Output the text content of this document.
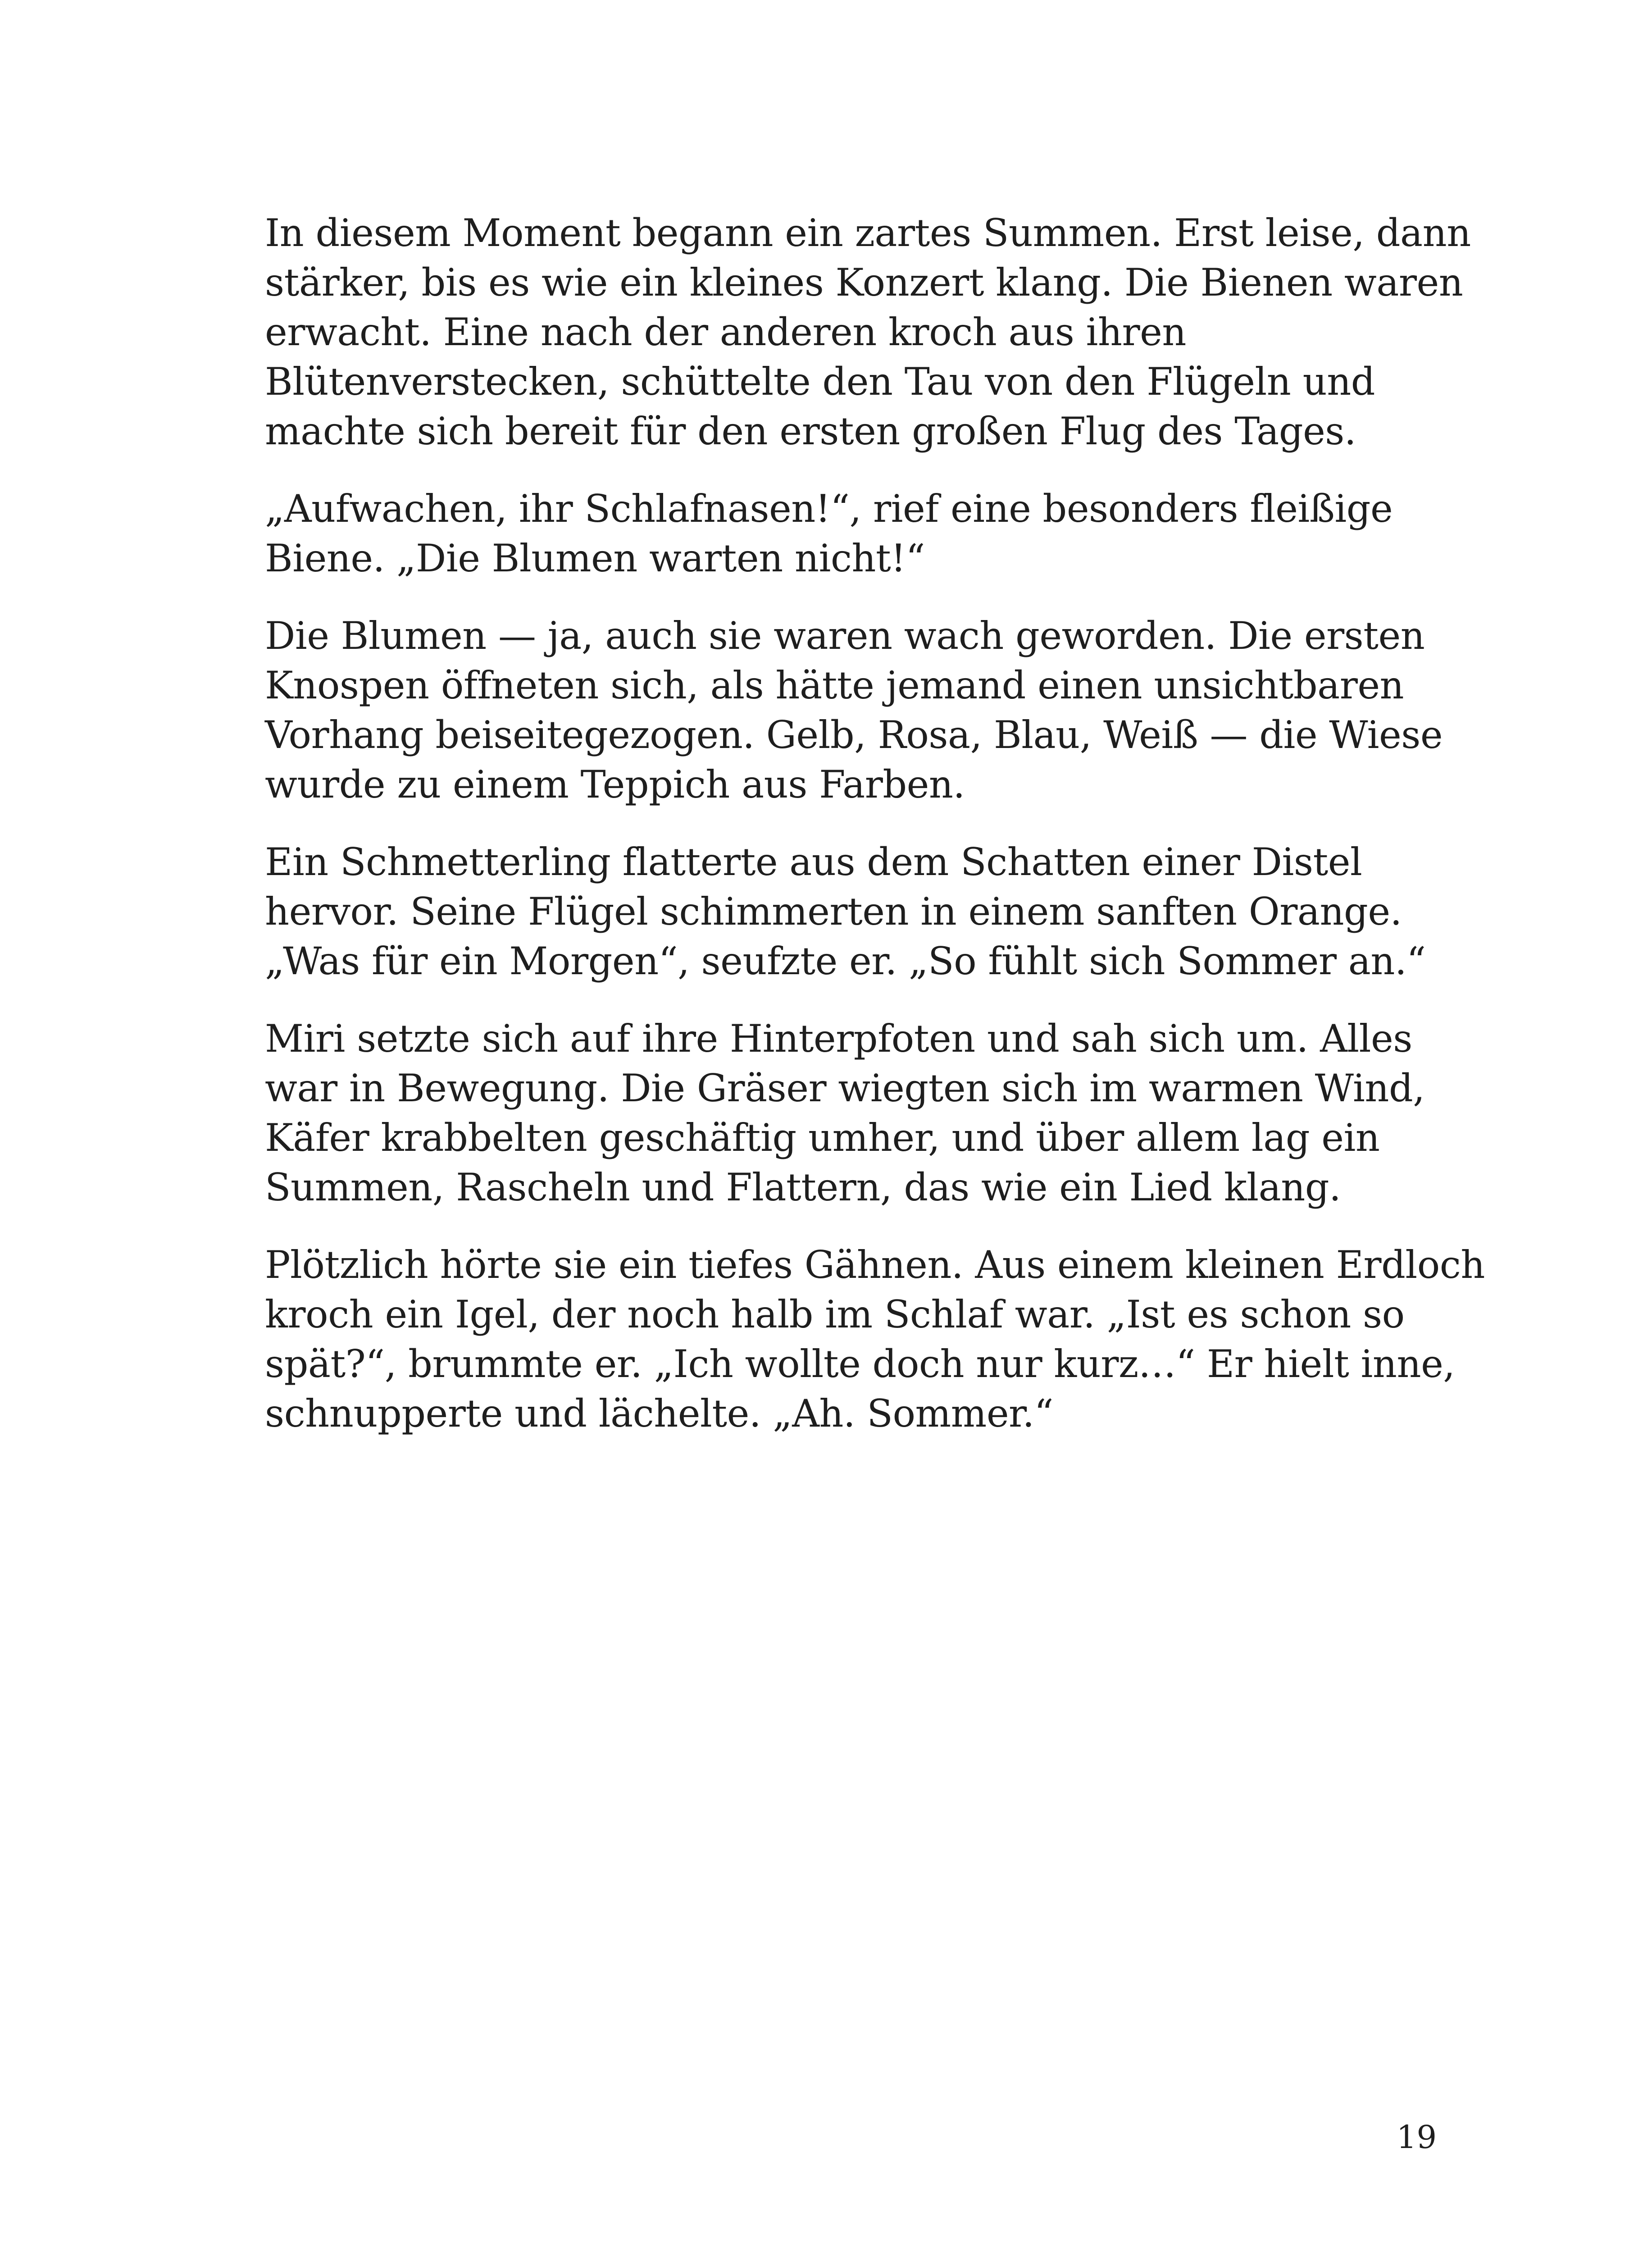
In diesem Moment begann ein zartes Summen. Erst leise, dann
stärker, bis es wie ein kleines Konzert klang. Die Bienen waren
erwacht. Eine nach der anderen kroch aus ihren
Blütenverstecken, schüttelte den Tau von den Flügeln und
machte sich bereit für den ersten großen Flug des Tages.

„Aufwachen, ihr Schlafnasen!“, rief eine besonders fleißige
Biene. „Die Blumen warten nicht!“

Die Blumen — ja, auch sie waren wach geworden. Die ersten
Knospen öffneten sich, als hätte jemand einen unsichtbaren
Vorhang beiseitegezogen. Gelb, Rosa, Blau, Weiß — die Wiese
wurde zu einem Teppich aus Farben.

Ein Schmetterling flatterte aus dem Schatten einer Distel
hervor. Seine Flügel schimmerten in einem sanften Orange.
„Was für ein Morgen“, seufzte er. „So fühlt sich Sommer an.“

Miri setzte sich auf ihre Hinterpfoten und sah sich um. Alles
war in Bewegung. Die Gräser wiegten sich im warmen Wind,
Käfer krabbelten geschäftig umher, und über allem lag ein
Summen, Rascheln und Flattern, das wie ein Lied klang.

Plötzlich hörte sie ein tiefes Gähnen. Aus einem kleinen Erdloch
kroch ein Igel, der noch halb im Schlaf war. „Ist es schon so
spät?“, brummte er. „Ich wollte doch nur kurz…“ Er hielt inne,
schnupperte und lächelte. „Ah. Sommer.“

19
